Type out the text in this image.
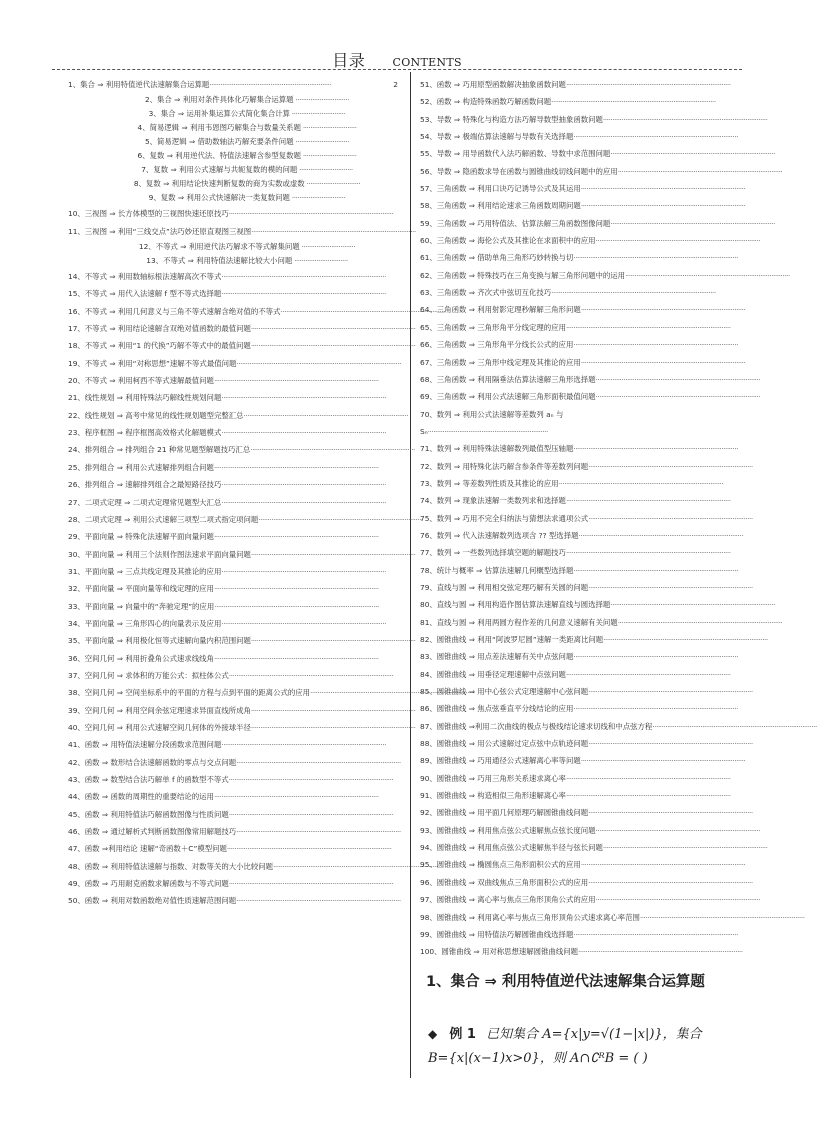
目录 CONTENTS
1、集合 ⇒ 利用特值逆代法速解集合运算题··································································	2
2、集合 ⇒ 利用对条件具体化巧解集合运算题 ·····························
3、集合 ⇒ 运用补集运算公式简化集合计算 ·····························
4、简易逻辑 ⇒ 利用韦恩图巧解集合与数量关系题 ·····························
5、简易逻辑 ⇒ 借助数轴法巧解充要条件问题 ·····························
6、复数 ⇒ 利用逆代法、特值法速解含参型复数题 ·····························
7、复数 ⇒ 利用公式速解与共轭复数的模的问题 ·····························
8、复数 ⇒ 利用结论快速判断复数的商为实数或虚数 ·····························
9、复数 ⇒ 利用公式快速解决一类复数问题 ·····························
10、三视图 ⇒ 长方体模型的三视图快速还原技巧·························································································
11、三视图 ⇒ 利用“三线交点”法巧妙还原直观图三视图·························································································
12、不等式 ⇒ 利用逆代法巧解求不等式解集问题 ·····························
13、不等式 ⇒ 利用特值法速解比较大小问题 ·····························
14、不等式 ⇒ 利用数轴标根法速解高次不等式·························································································
15、不等式 ⇒ 用代入法速解 f 型不等式选择题·························································································
16、不等式 ⇒ 利用几何意义与三角不等式速解含绝对值的不等式·························································································
17、不等式 ⇒ 利用结论速解含双绝对值函数的最值问题·························································································
18、不等式 ⇒ 利用“1 的代换”巧解不等式中的最值问题·························································································
19、不等式 ⇒ 利用“对称思想”速解不等式最值问题·························································································
20、不等式 ⇒ 利用柯西不等式速解最值问题·························································································
21、线性规划 ⇒ 利用特殊法巧解线性规划问题·························································································
22、线性规划 ⇒ 高考中常见的线性规划题型完整汇总·························································································
23、程序框图 ⇒ 程序框图高效格式化解题模式·························································································
24、排列组合 ⇒ 排列组合 21 种常见题型解题技巧汇总·························································································
25、排列组合 ⇒ 利用公式速解排列组合问题·························································································
26、排列组合 ⇒ 速解排列组合之最短路径技巧·························································································
27、二项式定理 ⇒ 二项式定理常见题型大汇总·························································································
28、二项式定理 ⇒ 利用公式速解三项型二项式指定项问题·························································································
29、平面向量 ⇒ 特殊化法速解平面向量问题·························································································
30、平面向量 ⇒ 利用三个法则作图法速求平面向量问题·························································································
31、平面向量 ⇒ 三点共线定理及其推论的应用·························································································
32、平面向量 ⇒ 平面向量等和线定理的应用·························································································
33、平面向量 ⇒ 向量中的“奔驰定理”的应用·························································································
34、平面向量 ⇒ 三角形四心的向量表示及应用·························································································
35、平面向量 ⇒ 利用极化恒等式速解向量内积范围问题·························································································
36、空间几何 ⇒ 利用折叠角公式速求线线角·························································································
37、空间几何 ⇒ 求体积的万能公式：拟柱体公式·························································································
38、空间几何 ⇒ 空间坐标系中的平面的方程与点到平面的距离公式的应用·························································································
39、空间几何 ⇒ 利用空间余弦定理速求异面直线所成角·························································································
40、空间几何 ⇒ 利用公式速解空间几何体的外接球半径·························································································
41、函数 ⇒ 用特值法速解分段函数求范围问题·························································································
42、函数 ⇒ 数形结合法速解函数的零点与交点问题·························································································
43、函数 ⇒ 数型结合法巧解单 f 的函数型不等式·························································································
44、函数 ⇒ 函数的周期性的重要结论的运用·························································································
45、函数 ⇒ 利用特值法巧解函数图像与性质问题·························································································
46、函数 ⇒ 通过解析式判断函数图像常用解题技巧·························································································
47、函数 ⇒利用结论 速解“奇函数＋C”模型问题·························································································
48、函数 ⇒ 利用特值法速解与指数、对数等关的大小比较问题·························································································
49、函数 ⇒ 巧用耐克函数求解函数与不等式问题·························································································
50、函数 ⇒ 利用对数函数绝对值性质速解范围问题·························································································
51、函数 ⇒ 巧用原型函数解决抽象函数问题·························································································
52、函数 ⇒ 构造特殊函数巧解函数问题·························································································
53、导数 ⇒ 特殊化与构造方法巧解导数型抽象函数问题·························································································
54、导数 ⇒ 极端估算法速解与导数有关选择题·························································································
55、导数 ⇒ 用导函数代入法巧解函数、导数中求范围问题·························································································
56、导数 ⇒ 隐函数求导在函数与圆锥曲线切线问题中的应用·························································································
57、三角函数 ⇒ 利用口诀巧记诱导公式及其运用·························································································
58、三角函数 ⇒ 利用结论速求三角函数周期问题·························································································
59、三角函数 ⇒ 巧用特值法、估算法解三角函数图像问题·························································································
60、三角函数 ⇒ 海伦公式及其推论在求面积中的应用·························································································
61、三角函数 ⇒ 借助单角三角形巧妙转换与切·························································································
62、三角函数 ⇒ 特殊技巧在三角变换与解三角形问题中的运用·························································································
63、三角函数 ⇒ 齐次式中弦切互化技巧·························································································
64、三角函数 ⇒ 利用射影定理秒解解三角形问题·························································································
65、三角函数 ⇒ 三角形角平分线定理的应用·························································································
66、三角函数 ⇒ 三角形角平分线长公式的应用·························································································
67、三角函数 ⇒ 三角形中线定理及其推论的应用·························································································
68、三角函数 ⇒ 利用隔垂法估算法速解三角形选择题·························································································
69、三角函数 ⇒ 利用公式法速解三角形面积最值问题·························································································
70、数列 ⇒ 利用公式法速解等差数列 aₙ 与
Sₙ·································································
71、数列 ⇒ 利用特殊法速解数列最值型压轴题·························································································
72、数列 ⇒ 用特殊化法巧解含参条件等差数列问题·························································································
73、数列 ⇒ 等差数列性质及其推论的应用·························································································
74、数列 ⇒ 现象法速解一类数列求和选择题·························································································
75、数列 ⇒ 巧用不完全归纳法与猜想法求通项公式·························································································
76、数列 ⇒ 代入法速解数列选项含 ?? 型选择题·························································································
77、数列 ⇒ 一些数列选择填空题的解题技巧·························································································
78、统计与概率 ⇒ 估算法速解几何概型选择题·························································································
79、直线与圆 ⇒ 利用相交弦定理巧解有关圆的问题·························································································
80、直线与圆 ⇒ 利用构造作图估算法速解直线与圆选择题·························································································
81、直线与圆 ⇒ 利用两圆方程作差的几何意义速解有关问题·························································································
82、圆锥曲线 ⇒ 利用“阿波罗尼圆”速解一类距离比问题·························································································
83、圆锥曲线 ⇒ 用点差法速解有关中点弦问题·························································································
84、圆锥曲线 ⇒ 用垂径定理速解中点弦问题·························································································
85、圆锥曲线 ⇒ 用中心弦公式定理速解中心弦问题·························································································
86、圆锥曲线 ⇒ 焦点弦垂直平分线结论的应用·························································································
87、圆锥曲线 ⇒利用二次曲线的极点与极线结论速求切线和中点弦方程·························································································
88、圆锥曲线 ⇒ 用公式速解过定点弦中点轨迹问题·························································································
89、圆锥曲线 ⇒ 巧用通径公式速解离心率等问题·························································································
90、圆锥曲线 ⇒ 巧用三角形关系速求离心率·························································································
91、圆锥曲线 ⇒ 构造相似三角形速解离心率·························································································
92、圆锥曲线 ⇒ 用平面几何原理巧解圆锥曲线问题·························································································
93、圆锥曲线 ⇒ 利用焦点弦公式速解焦点弦长度问题·························································································
94、圆锥曲线 ⇒ 利用焦点弦公式速解焦半径与弦长问题·························································································
95、圆锥曲线 ⇒ 椭圆焦点三角形面积公式的应用·························································································
96、圆锥曲线 ⇒ 双曲线焦点三角形面积公式的应用·························································································
97、圆锥曲线 ⇒ 离心率与焦点三角形顶角公式的应用·························································································
98、圆锥曲线 ⇒ 利用离心率与焦点三角形顶角公式速求离心率范围·························································································
99、圆锥曲线 ⇒ 用特值法巧解圆锥曲线选择题·························································································
100、圆锥曲线 ⇒ 用对称思想速解圆锥曲线问题·························································································
1、集合 ⇒ 利用特值逆代法速解集合运算题
◆ 例 1 已知集合 A={x|y=√(1−|x|)}，集合
B={x|(x−1)x>0}，则 A∩∁ᴿB = ( )
